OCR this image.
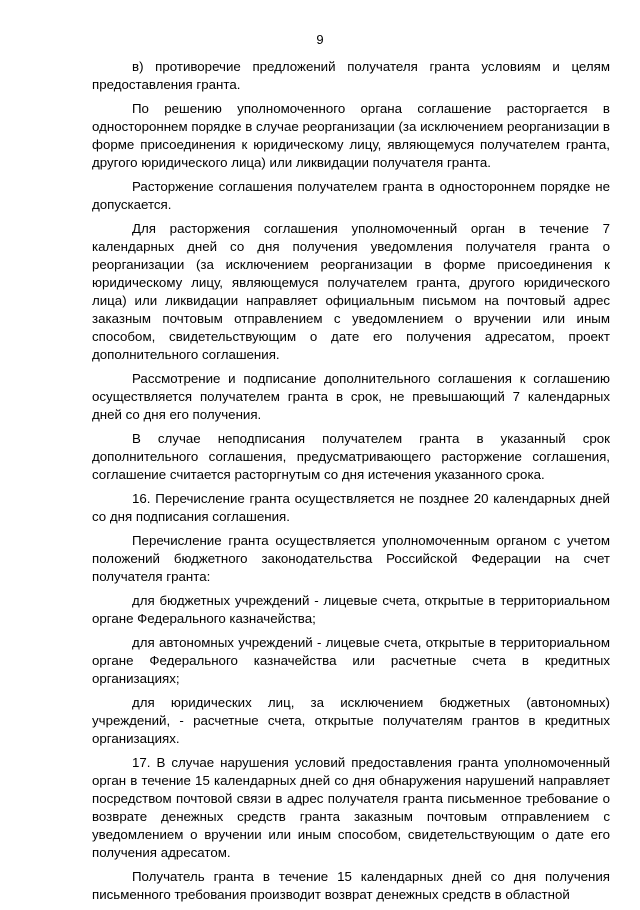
9

в) противоречие предложений получателя гранта условиям и целям предоставления гранта.

По решению уполномоченного органа соглашение расторгается в одностороннем порядке в случае реорганизации (за исключением реорганизации в форме присоединения к юридическому лицу, являющемуся получателем гранта, другого юридического лица) или ликвидации получателя гранта.

Расторжение соглашения получателем гранта в одностороннем порядке не допускается.

Для расторжения соглашения уполномоченный орган в течение 7 календарных дней со дня получения уведомления получателя гранта о реорганизации (за исключением реорганизации в форме присоединения к юридическому лицу, являющемуся получателем гранта, другого юридического лица) или ликвидации направляет официальным письмом на почтовый адрес заказным почтовым отправлением с уведомлением о вручении или иным способом, свидетельствующим о дате его получения адресатом, проект дополнительного соглашения.

Рассмотрение и подписание дополнительного соглашения к соглашению осуществляется получателем гранта в срок, не превышающий 7 календарных дней со дня его получения.

В случае неподписания получателем гранта в указанный срок дополнительного соглашения, предусматривающего расторжение соглашения, соглашение считается расторгнутым со дня истечения указанного срока.

16. Перечисление гранта осуществляется не позднее 20 календарных дней со дня подписания соглашения.

Перечисление гранта осуществляется уполномоченным органом с учетом положений бюджетного законодательства Российской Федерации на счет получателя гранта:

для бюджетных учреждений - лицевые счета, открытые в территориальном органе Федерального казначейства;

для автономных учреждений - лицевые счета, открытые в территориальном органе Федерального казначейства или расчетные счета в кредитных организациях;

для юридических лиц, за исключением бюджетных (автономных) учреждений, - расчетные счета, открытые получателям грантов в кредитных организациях.

17. В случае нарушения условий предоставления гранта уполномоченный орган в течение 15 календарных дней со дня обнаружения нарушений направляет посредством почтовой связи в адрес получателя гранта письменное требование о возврате денежных средств гранта заказным почтовым отправлением с уведомлением о вручении или иным способом, свидетельствующим о дате его получения адресатом.

Получатель гранта в течение 15 календарных дней со дня получения письменного требования производит возврат денежных средств в областной
